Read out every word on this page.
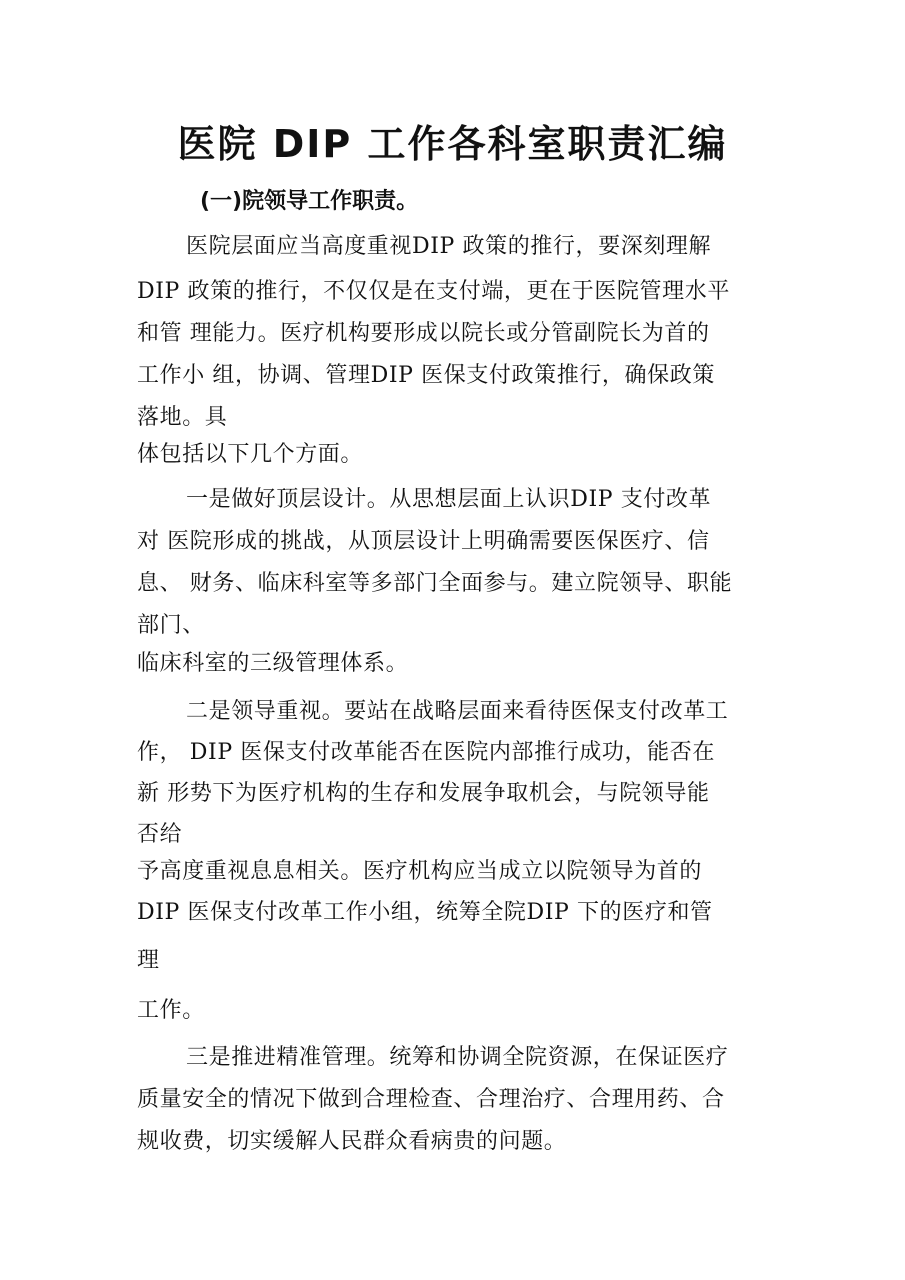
医院 DIP 工作各科室职责汇编
(一)院领导工作职责。
医院层面应当高度重视DIP 政策的推行，要深刻理解
DIP 政策的推行，不仅仅是在支付端，更在于医院管理水平
和管 理能力。医疗机构要形成以院长或分管副院长为首的
工作小 组，协调、管理DIP 医保支付政策推行，确保政策
落地。具
体包括以下几个方面。
一是做好顶层设计。从思想层面上认识DIP 支付改革
对 医院形成的挑战，从顶层设计上明确需要医保医疗、信
息、 财务、临床科室等多部门全面参与。建立院领导、职能
部门、
临床科室的三级管理体系。
二是领导重视。要站在战略层面来看待医保支付改革工
作， DIP 医保支付改革能否在医院内部推行成功，能否在
新 形势下为医疗机构的生存和发展争取机会，与院领导能
否给
予高度重视息息相关。医疗机构应当成立以院领导为首的
DIP 医保支付改革工作小组，统筹全院DIP 下的医疗和管
理
工作。
三是推进精准管理。统筹和协调全院资源，在保证医疗
质量安全的情况下做到合理检查、合理治疗、合理用药、合
规收费，切实缓解人民群众看病贵的问题。
